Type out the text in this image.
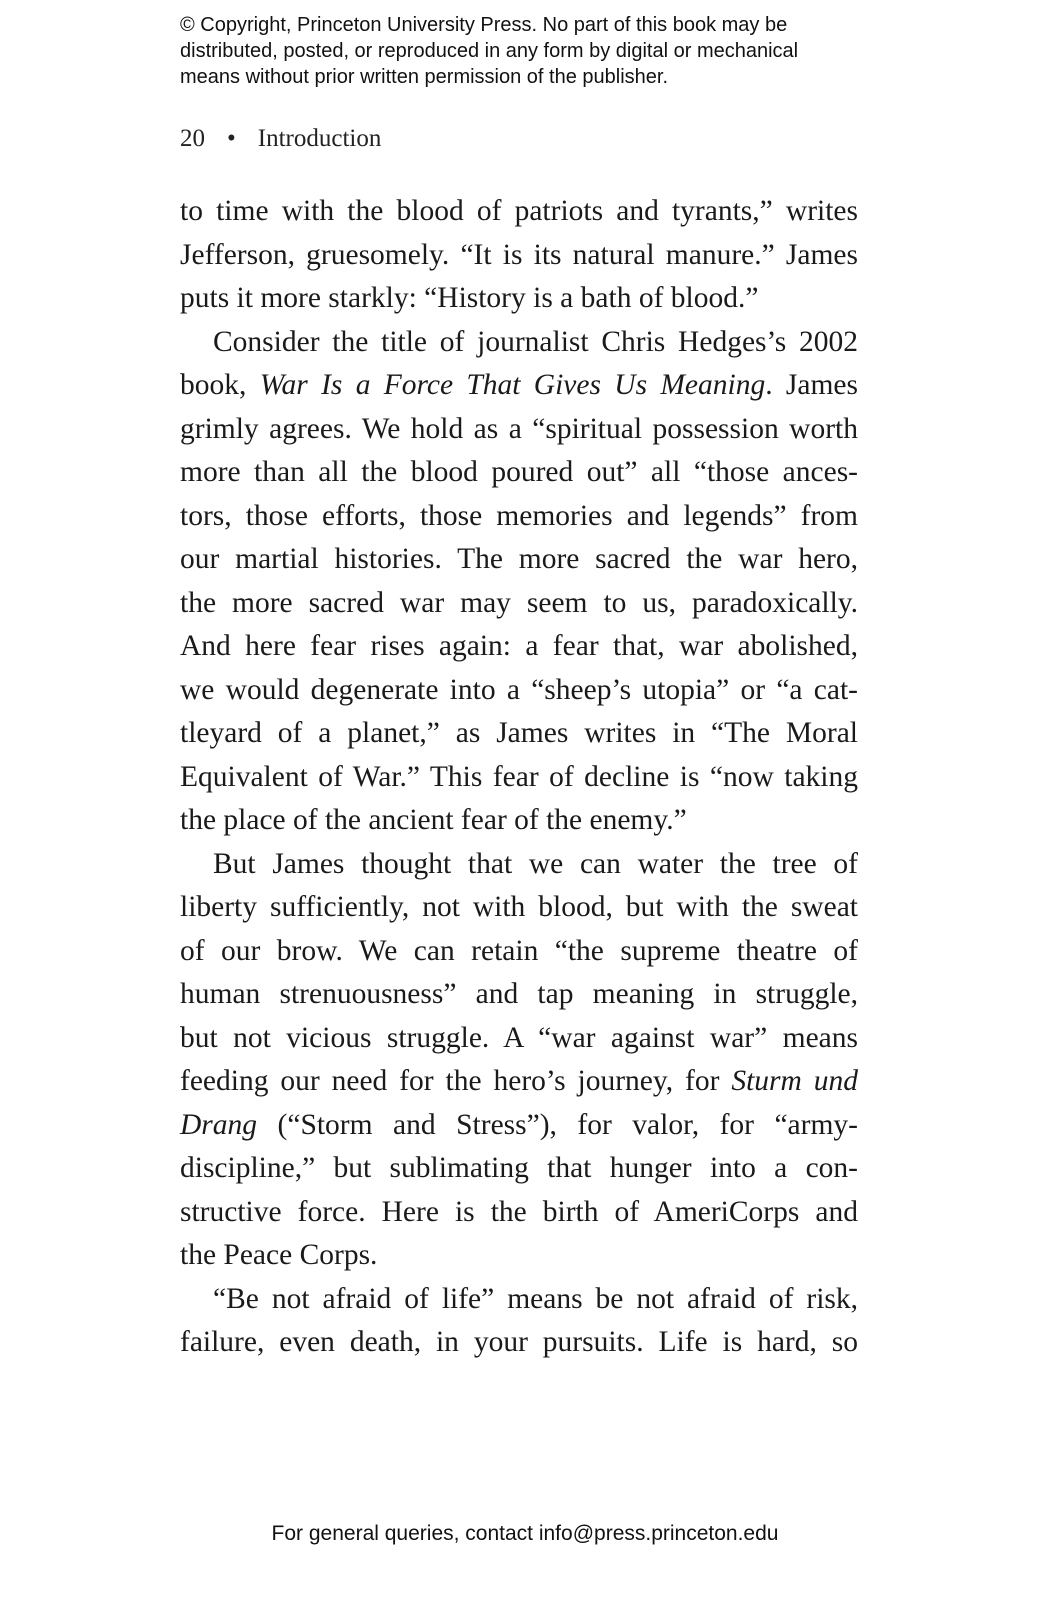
© Copyright, Princeton University Press. No part of this book may be
distributed, posted, or reproduced in any form by digital or mechanical
means without prior written permission of the publisher.
20 • Introduction
to time with the blood of patriots and tyrants,” writes
Jefferson, gruesomely. “It is its natural manure.” James
puts it more starkly: “History is a bath of blood.”
Consider the title of journalist Chris Hedges’s 2002
book, War Is a Force That Gives Us Meaning. James
grimly agrees. We hold as a “spiritual possession worth
more than all the blood poured out” all “those ances-
tors, those efforts, those memories and legends” from
our martial histories. The more sacred the war hero,
the more sacred war may seem to us, paradoxically.
And here fear rises again: a fear that, war abolished,
we would degenerate into a “sheep’s utopia” or “a cat-
tleyard of a planet,” as James writes in “The Moral
Equivalent of War.” This fear of decline is “now taking
the place of the ancient fear of the enemy.”
But James thought that we can water the tree of
liberty sufficiently, not with blood, but with the sweat
of our brow. We can retain “the supreme theatre of
human strenuousness” and tap meaning in struggle,
but not vicious struggle. A “war against war” means
feeding our need for the hero’s journey, for Sturm und
Drang (“Storm and Stress”), for valor, for “army-
discipline,” but sublimating that hunger into a con-
structive force. Here is the birth of AmeriCorps and
the Peace Corps.
“Be not afraid of life” means be not afraid of risk,
failure, even death, in your pursuits. Life is hard, so
For general queries, contact info@press.princeton.edu
